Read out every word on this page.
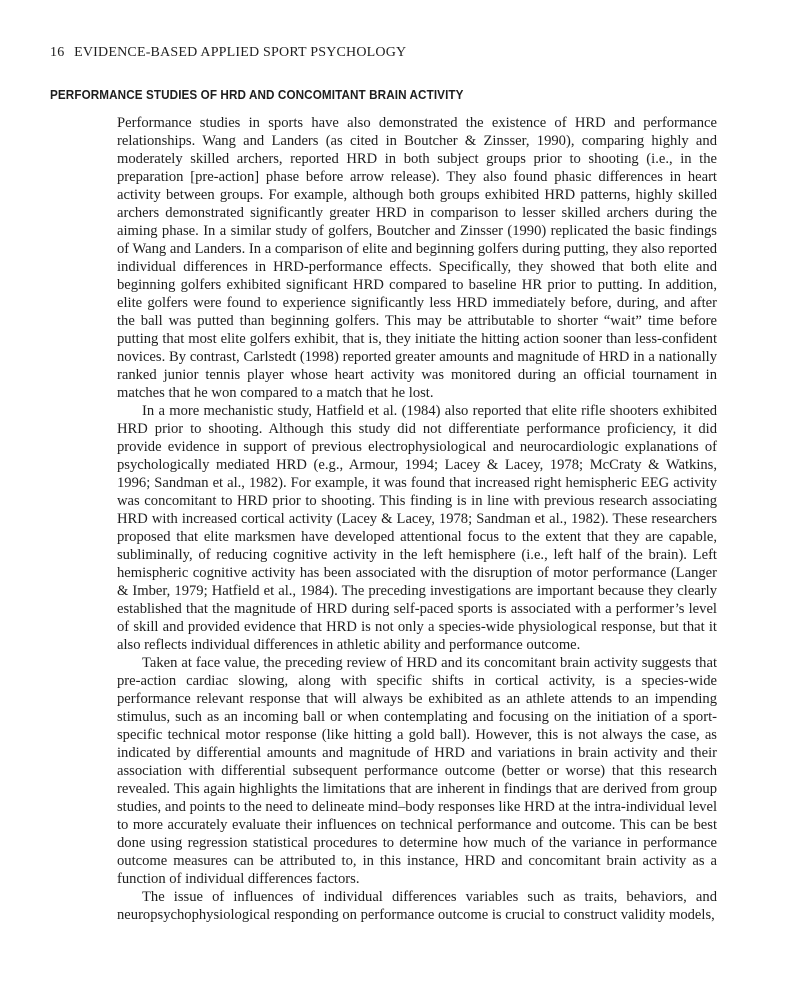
16 EVIDENCE-BASED APPLIED SPORT PSYCHOLOGY
PERFORMANCE STUDIES OF HRD AND CONCOMITANT BRAIN ACTIVITY

Performance studies in sports have also demonstrated the existence of HRD and performance relationships. Wang and Landers (as cited in Boutcher & Zinsser, 1990), comparing highly and moderately skilled archers, reported HRD in both subject groups prior to shooting (i.e., in the preparation [pre-action] phase before arrow release). They also found phasic differences in heart activity between groups. For example, although both groups exhibited HRD patterns, highly skilled archers demonstrated significantly greater HRD in comparison to lesser skilled archers during the aiming phase. In a similar study of golfers, Boutcher and Zinsser (1990) replicated the basic findings of Wang and Landers. In a comparison of elite and beginning golfers during putting, they also reported individual differences in HRD-performance effects. Specifically, they showed that both elite and beginning golfers exhibited significant HRD compared to baseline HR prior to putting. In addition, elite golfers were found to experience significantly less HRD immediately before, during, and after the ball was putted than beginning golfers. This may be attributable to shorter “wait” time before putting that most elite golfers exhibit, that is, they initiate the hitting action sooner than less-confident novices. By contrast, Carlstedt (1998) reported greater amounts and magnitude of HRD in a nationally ranked junior tennis player whose heart activity was monitored during an official tournament in matches that he won compared to a match that he lost.

In a more mechanistic study, Hatfield et al. (1984) also reported that elite rifle shooters exhibited HRD prior to shooting. Although this study did not differentiate performance proficiency, it did provide evidence in support of previous electrophysiological and neurocardiologic explanations of psychologically mediated HRD (e.g., Armour, 1994; Lacey & Lacey, 1978; McCraty & Watkins, 1996; Sandman et al., 1982). For example, it was found that increased right hemispheric EEG activity was concomitant to HRD prior to shooting. This finding is in line with previous research associating HRD with increased cortical activity (Lacey & Lacey, 1978; Sandman et al., 1982). These researchers proposed that elite marksmen have developed attentional focus to the extent that they are capable, subliminally, of reducing cognitive activity in the left hemisphere (i.e., left half of the brain). Left hemispheric cognitive activity has been associated with the disruption of motor performance (Langer & Imber, 1979; Hatfield et al., 1984). The preceding investigations are important because they clearly established that the magnitude of HRD during self-paced sports is associated with a performer’s level of skill and provided evidence that HRD is not only a species-wide physiological response, but that it also reflects individual differences in athletic ability and performance outcome.

Taken at face value, the preceding review of HRD and its concomitant brain activity suggests that pre-action cardiac slowing, along with specific shifts in cortical activity, is a species-wide performance relevant response that will always be exhibited as an athlete attends to an impending stimulus, such as an incoming ball or when contemplating and focusing on the initiation of a sport-specific technical motor response (like hitting a gold ball). However, this is not always the case, as indicated by differential amounts and magnitude of HRD and variations in brain activity and their association with differential subsequent performance outcome (better or worse) that this research revealed. This again highlights the limitations that are inherent in findings that are derived from group studies, and points to the need to delineate mind–body responses like HRD at the intra-individual level to more accurately evaluate their influences on technical performance and outcome. This can be best done using regression statistical procedures to determine how much of the variance in performance outcome measures can be attributed to, in this instance, HRD and concomitant brain activity as a function of individual differences factors.

The issue of influences of individual differences variables such as traits, behaviors, and neuropsychophysiological responding on performance outcome is crucial to construct validity models,
